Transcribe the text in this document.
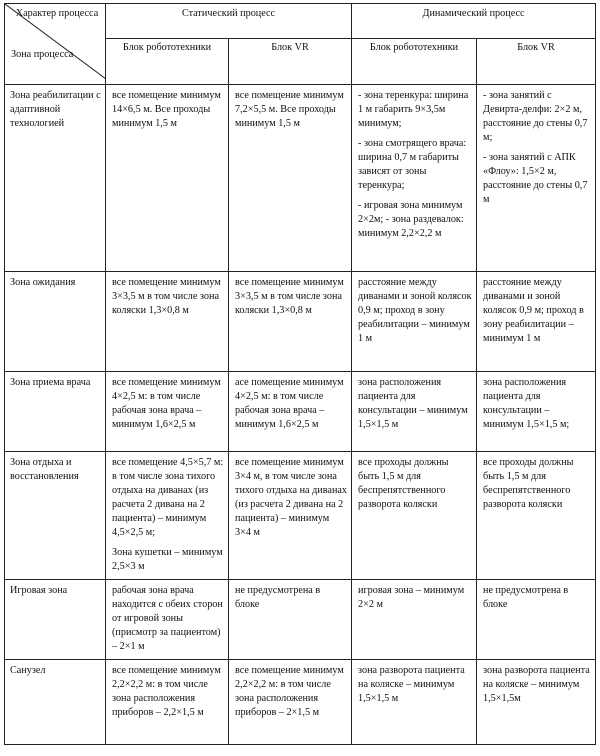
Характер процесса
Зона процесса	Статический процесс		Динамический процесс	
	Блок робототехники	Блок VR	Блок робототехники	Блок VR
Зона реабилитации с адаптивной технологией	все помещение минимум 14×6,5 м. Все проходы минимум 1,5 м	все помещение минимум 7,2×5,5 м. Все проходы минимум 1,5 м	- зона теренкура: ширина 1 м габарить 9×3,5м минимум;
- зона смотрящего врача: ширина 0,7 м габариты зависят от зоны теренкура;
- игровая зона минимум 2×2м; - зона раздевалок: минимум 2,2×2,2 м	- зона занятий с Девирта-делфи: 2×2 м, расстояние до стены 0,7 м;
- зона занятий с АПК «Флоу»: 1,5×2 м, расстояние до стены 0,7 м

Зона ожидания	все помещение минимум 3×3,5 м в том числе зона коляски 1,3×0,8 м	все помещение минимум 3×3,5 м в том числе зона коляски 1,3×0,8 м	расстояние между диванами и зоной колясок 0,9 м; проход в зону реабилитации – минимум 1 м	расстояние между диванами и зоной колясок 0,9 м; проход в зону реабилитации – минимум 1 м

Зона приема врача	все помещение минимум 4×2,5 м: в том числе рабочая зона врача – минимум 1,6×2,5 м	асе помещение минимум 4×2,5 м: в том числе рабочая зона врача – минимум 1,6×2,5 м	зона расположения пациента для консультации – минимум 1,5×1,5 м	зона расположения пациента для консультации – минимум 1,5×1,5 м;

Зона отдыха и восстановления	все помещение 4,5×5,7 м: в том числе зона тихого отдыха на диванах (из расчета 2 дивана на 2 пациента) – минимум 4,5×2,5 м;
Зона кушетки – минимум 2,5×3 м	все помещение минимум 3×4 м, в том числе зона тихого отдыха на диванах (из расчета 2 дивана на 2 пациента) – минимум 3×4 м	все проходы должны быть 1,5 м для беспрепятственного разворота коляски	все проходы должны быть 1,5 м для беспрепятственного разворота коляски

Игровая зона	рабочая зона врача находится с обеих сторон от игровой зоны (присмотр за пациентом) – 2×1 м	не предусмотрена в блоке	игровая зона – минимум 2×2 м	не предусмотрена в блоке

Санузел	все помещение минимум 2,2×2,2 м: в том числе зона расположения приборов – 2,2×1,5 м	все помещение минимум 2,2×2,2 м: в том числе зона расположения приборов – 2×1,5 м	зона разворота пациента на коляске – минимум 1,5×1,5 м	зона разворота пациента на коляске – минимум 1,5×1,5м
